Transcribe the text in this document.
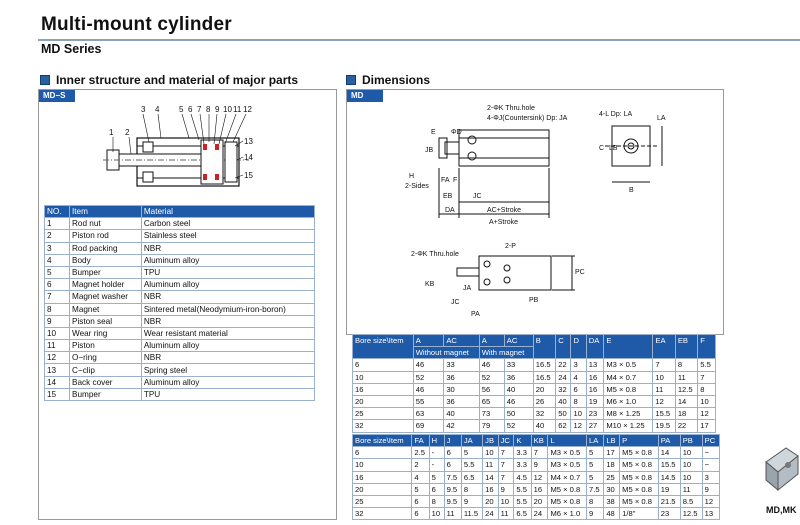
Multi-mount cylinder
MD Series
Inner structure and material of major parts
MD−S
3 4 5 6 7 8 9 10 11 12
1 2
13
14
15
NO.	Item	Material
1	Rod nut	Carbon steel
2	Piston rod	Stainless steel
3	Rod packing	NBR
4	Body	Aluminum alloy
5	Bumper	TPU
6	Magnet holder	Aluminum alloy
7	Magnet washer	NBR
8	Magnet	Sintered metal(Neodymium-iron-boron)
9	Piston seal	NBR
10	Wear ring	Wear resistant material
11	Piston	Aluminum alloy
12	O−ring	NBR
13	C−clip	Spring steel
14	Back cover	Aluminum alloy
15	Bumper	TPU
Dimensions
MD
2-ΦK Thru.hole
4-ΦJ(Countersink) Dp: JA
4-L Dp: LA
2-ΦK Thru.hole
2-P
2-Sides
AC+Stroke
A+Stroke
E ΦD
JB
FA
H
F
EB	JC
DA
C LB
LA
B
KB
JA
PA
PB
PC
JC
Bore size\Item	A	AC	A	AC	B	C	D	DA	E	EA	EB	F
	Without magnet		With magnet									
6	46	33	46	33	16.5	22	3	13	M3 × 0.5	7	8	5.5
10	52	36	52	36	16.5	24	4	16	M4 × 0.7	10	11	7
16	46	30	56	40	20	32	6	16	M5 × 0.8	11	12.5	8
20	55	36	65	46	26	40	8	19	M6 × 1.0	12	14	10
25	63	40	73	50	32	50	10	23	M8 × 1.25	15.5	18	12
32	69	42	79	52	40	62	12	27	M10 × 1.25	19.5	22	17
Bore size\Item	FA	H	J	JA	JB	JC	K	KB	L	LA	LB	P	PA	PB	PC
6	2.5	-	6	5	10	7	3.3	7	M3 × 0.5	5	17	M5 × 0.8	14	10	−
10	2	-	6	5.5	11	7	3.3	9	M3 × 0.5	5	18	M5 × 0.8	15.5	10	−
16	4	5	7.5	6.5	14	7	4.5	12	M4 × 0.7	5	25	M5 × 0.8	14.5	10	3
20	5	6	9.5	8	16	9	5.5	16	M5 × 0.8	7.5	30	M5 × 0.8	19	11	9
25	6	8	9.5	9	20	10	5.5	20	M5 × 0.8	8	38	M5 × 0.8	21.5	8.5	12
32	6	10	11	11.5	24	11	6.5	24	M6 × 1.0	9	48	1/8"	23	12.5	13	MD,MK
